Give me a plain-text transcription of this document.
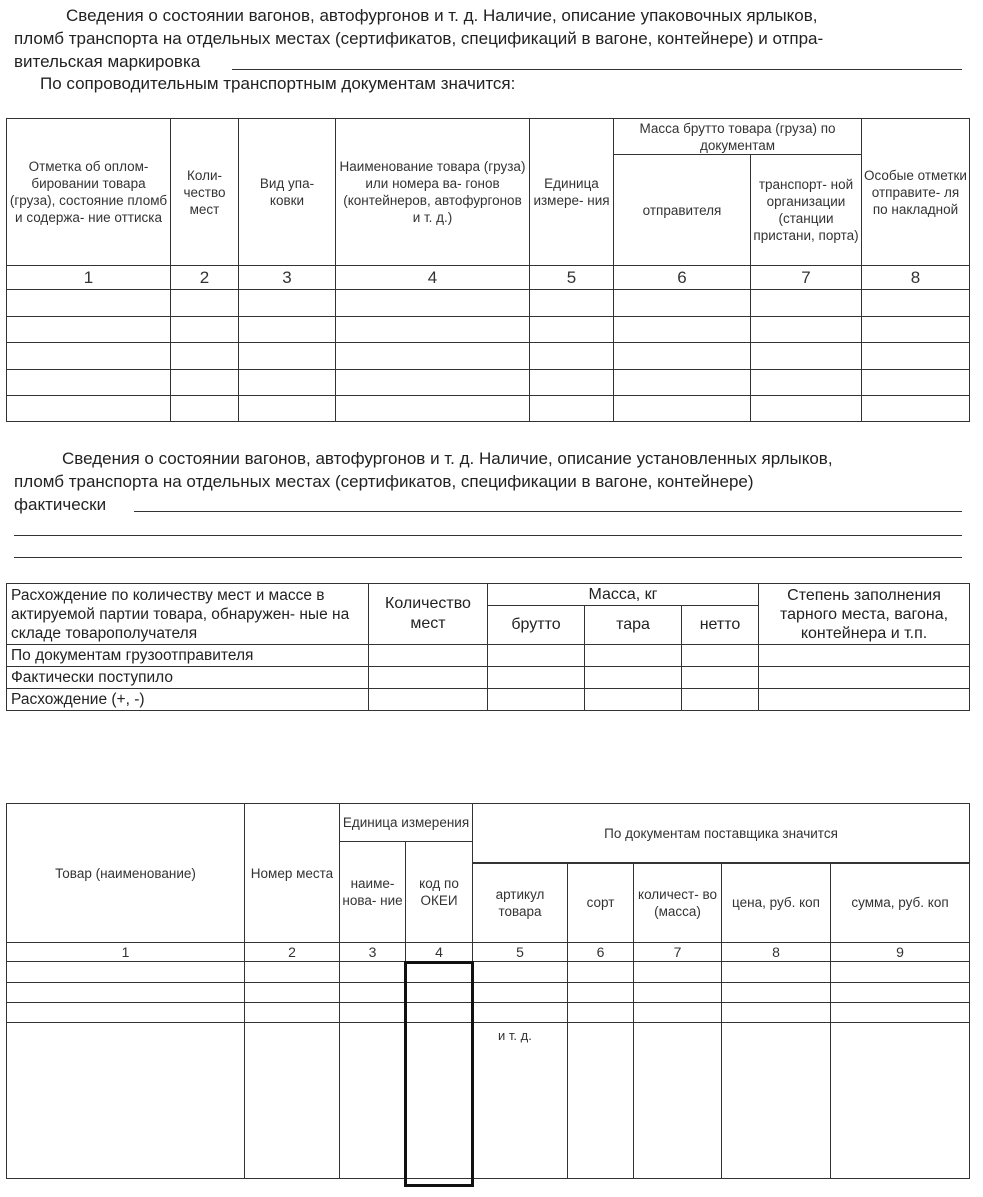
Сведения о состоянии вагонов, автофургонов и т. д. Наличие, описание упаковочных ярлыков,
пломб транспорта на отдельных местах (сертификатов, спецификаций в вагоне, контейнере) и отпра-
вительская маркировка
По сопроводительным транспортным документам значится:
Отметка об оплом- бировании товара (груза), состояние пломб и содержа- ние оттиска	Коли- чество мест	Вид упа- ковки	Наименование товара (груза) или номера ва- гонов (контейнеров, автофургонов и т. д.)	Единица измере- ния	Масса брутто товара (груза) по документам		Особые отметки отправите- ля по накладной
					отправителя	транспорт- ной организации (станции пристани, порта)	
1	2	3	4	5	6	7	8

Сведения о состоянии вагонов, автофургонов и т. д. Наличие, описание установленных ярлыков,
пломб транспорта на отдельных местах (сертификатов, спецификации в вагоне, контейнере)
фактически
Расхождение по количеству мест и массе в актируемой партии товара, обнаружен- ные на складе товарополучателя	Количество мест	Масса, кг			Степень заполнения тарного места, вагона, контейнера и т.п.
		брутто	тара	нетто	
По документам грузоотправителя					
Фактически поступило					
Расхождение (+, -)					
Товар (наименование)	Номер места	Единица измерения		По документам поставщика значится

		наиме- нова- ние	код по ОКЕИ	
					артикул товара	сорт	количест- во (масса)	цена, руб. коп	сумма, руб. коп
1	2	3	4	5	6	7	8	9

				и т. д.				
